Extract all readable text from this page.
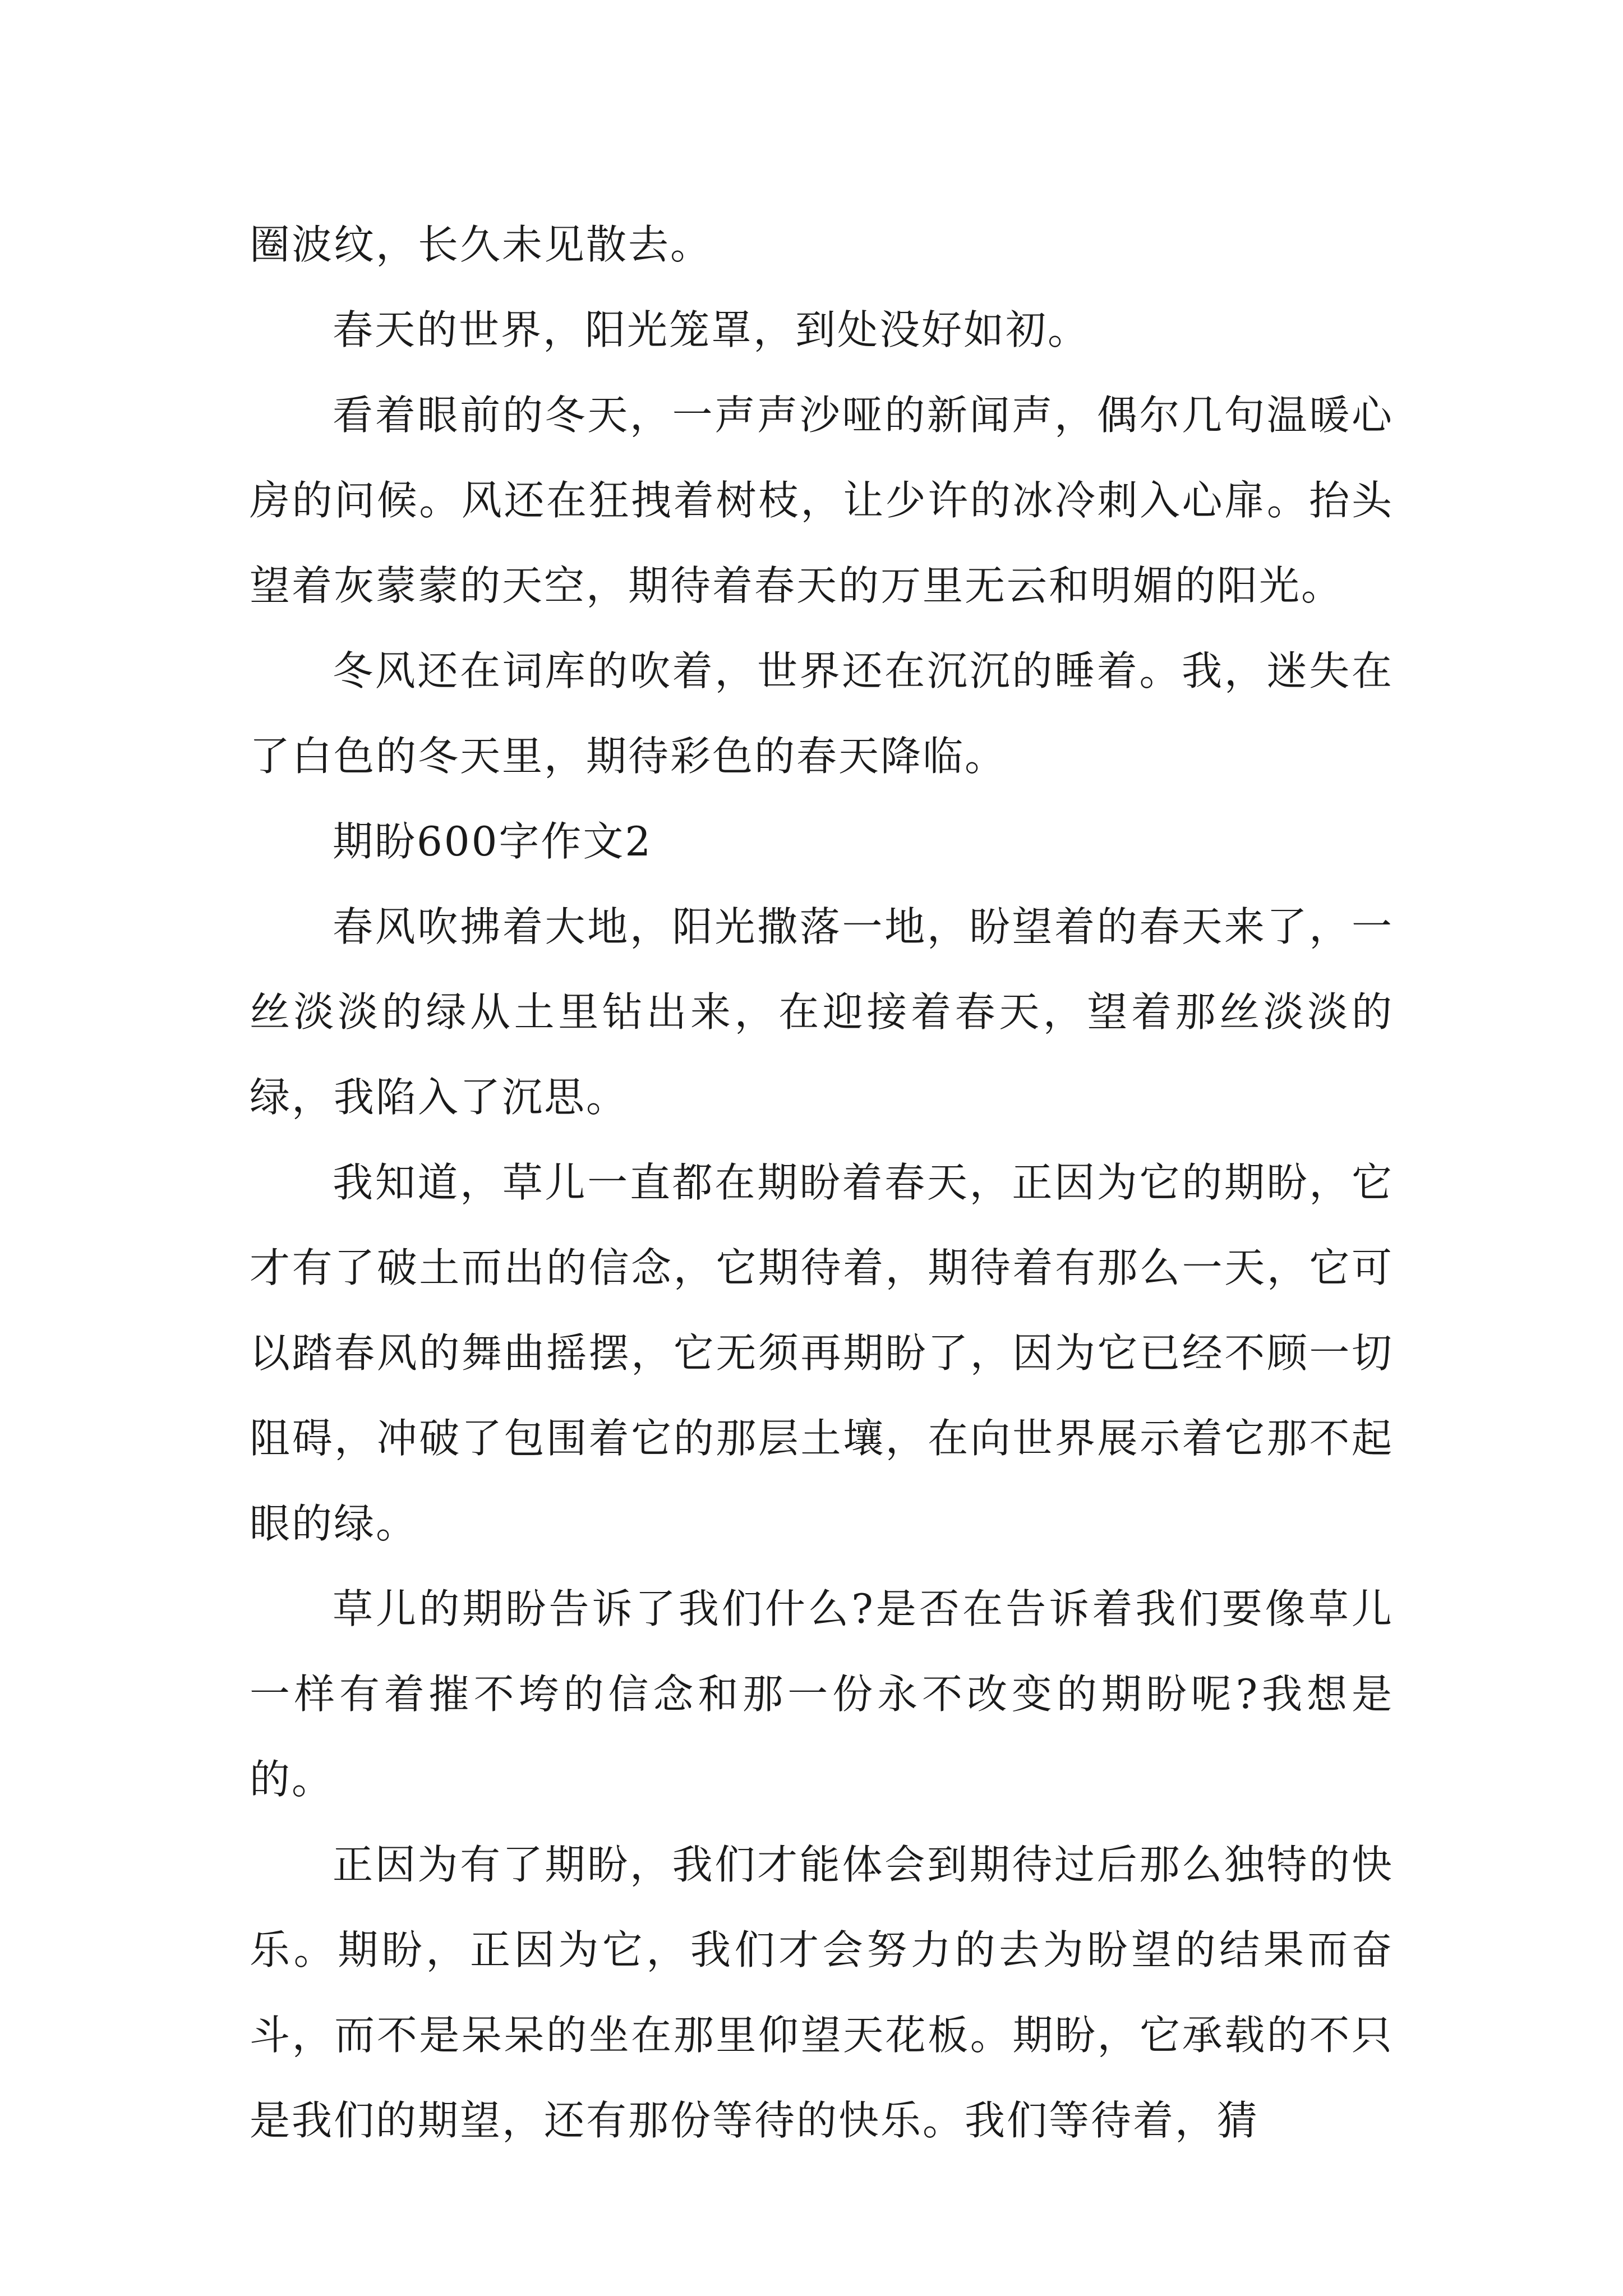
圈波纹，长久未见散去。

春天的世界，阳光笼罩，到处没好如初。

看着眼前的冬天，一声声沙哑的新闻声，偶尔几句温暖心房的问候。风还在狂拽着树枝，让少许的冰冷刺入心扉。抬头望着灰蒙蒙的天空，期待着春天的万里无云和明媚的阳光。

冬风还在词库的吹着，世界还在沉沉的睡着。我，迷失在了白色的冬天里，期待彩色的春天降临。

期盼600字作文2

春风吹拂着大地，阳光撒落一地，盼望着的春天来了，一丝淡淡的绿从土里钻出来，在迎接着春天，望着那丝淡淡的绿，我陷入了沉思。

我知道，草儿一直都在期盼着春天，正因为它的期盼，它才有了破土而出的信念，它期待着，期待着有那么一天，它可以踏春风的舞曲摇摆，它无须再期盼了，因为它已经不顾一切阻碍，冲破了包围着它的那层土壤，在向世界展示着它那不起眼的绿。

草儿的期盼告诉了我们什么?是否在告诉着我们要像草儿一样有着摧不垮的信念和那一份永不改变的期盼呢?我想是的。

正因为有了期盼，我们才能体会到期待过后那么独特的快乐。期盼，正因为它，我们才会努力的去为盼望的结果而奋斗，而不是呆呆的坐在那里仰望天花板。期盼，它承载的不只是我们的期望，还有那份等待的快乐。我们等待着，猜
